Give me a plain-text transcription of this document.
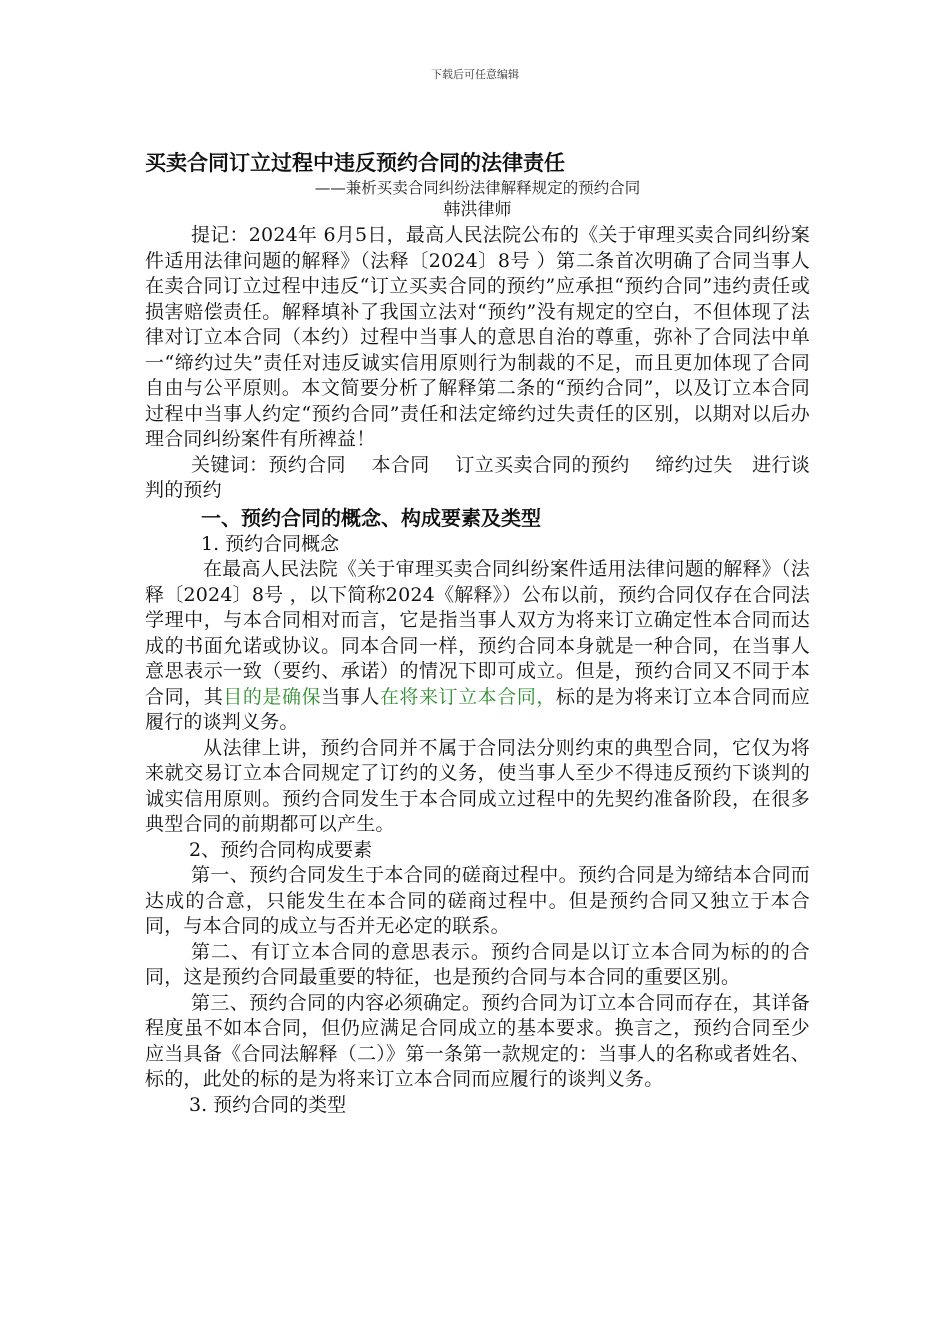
下载后可任意编辑

买卖合同订立过程中违反预约合同的法律责任

——兼析买卖合同纠纷法律解释规定的预约合同

韩洪律师

提记：2024年 6月5日，最高人民法院公布的《关于审理买卖合同纠纷案件适用法律问题的解释》（法释〔2024〕8号 ）第二条首次明确了合同当事人在卖合同订立过程中违反“订立买卖合同的预约”应承担“预约合同”违约责任或损害赔偿责任。解释填补了我国立法对“预约”没有规定的空白，不但体现了法律对订立本合同（本约）过程中当事人的意思自治的尊重，弥补了合同法中单一“缔约过失”责任对违反诚实信用原则行为制裁的不足，而且更加体现了合同自由与公平原则。本文简要分析了解释第二条的“预约合同”，以及订立本合同过程中当事人约定“预约合同”责任和法定缔约过失责任的区别，以期对以后办理合同纠纷案件有所裨益！

关键词：预约合同　 本合同　 订立买卖合同的预约　 缔约过失　进行谈判的预约

一、预约合同的概念、构成要素及类型

1. 预约合同概念

在最高人民法院《关于审理买卖合同纠纷案件适用法律问题的解释》（法释〔2024〕8号 ，以下简称2024《解释》）公布以前，预约合同仅存在合同法学理中，与本合同相对而言，它是指当事人双方为将来订立确定性本合同而达成的书面允诺或协议。同本合同一样，预约合同本身就是一种合同，在当事人意思表示一致（要约、承诺）的情况下即可成立。但是，预约合同又不同于本合同，其目的是确保当事人在将来订立本合同，标的是为将来订立本合同而应履行的谈判义务。

从法律上讲，预约合同并不属于合同法分则约束的典型合同，它仅为将来就交易订立本合同规定了订约的义务，使当事人至少不得违反预约下谈判的诚实信用原则。预约合同发生于本合同成立过程中的先契约准备阶段，在很多典型合同的前期都可以产生。

2、预约合同构成要素

第一、预约合同发生于本合同的磋商过程中。预约合同是为缔结本合同而达成的合意，只能发生在本合同的磋商过程中。但是预约合同又独立于本合同，与本合同的成立与否并无必定的联系。

第二、有订立本合同的意思表示。预约合同是以订立本合同为标的的合同，这是预约合同最重要的特征，也是预约合同与本合同的重要区别。

第三、预约合同的内容必须确定。预约合同为订立本合同而存在，其详备程度虽不如本合同，但仍应满足合同成立的基本要求。换言之，预约合同至少应当具备《合同法解释（二）》第一条第一款规定的：当事人的名称或者姓名、标的，此处的标的是为将来订立本合同而应履行的谈判义务。

3. 预约合同的类型
